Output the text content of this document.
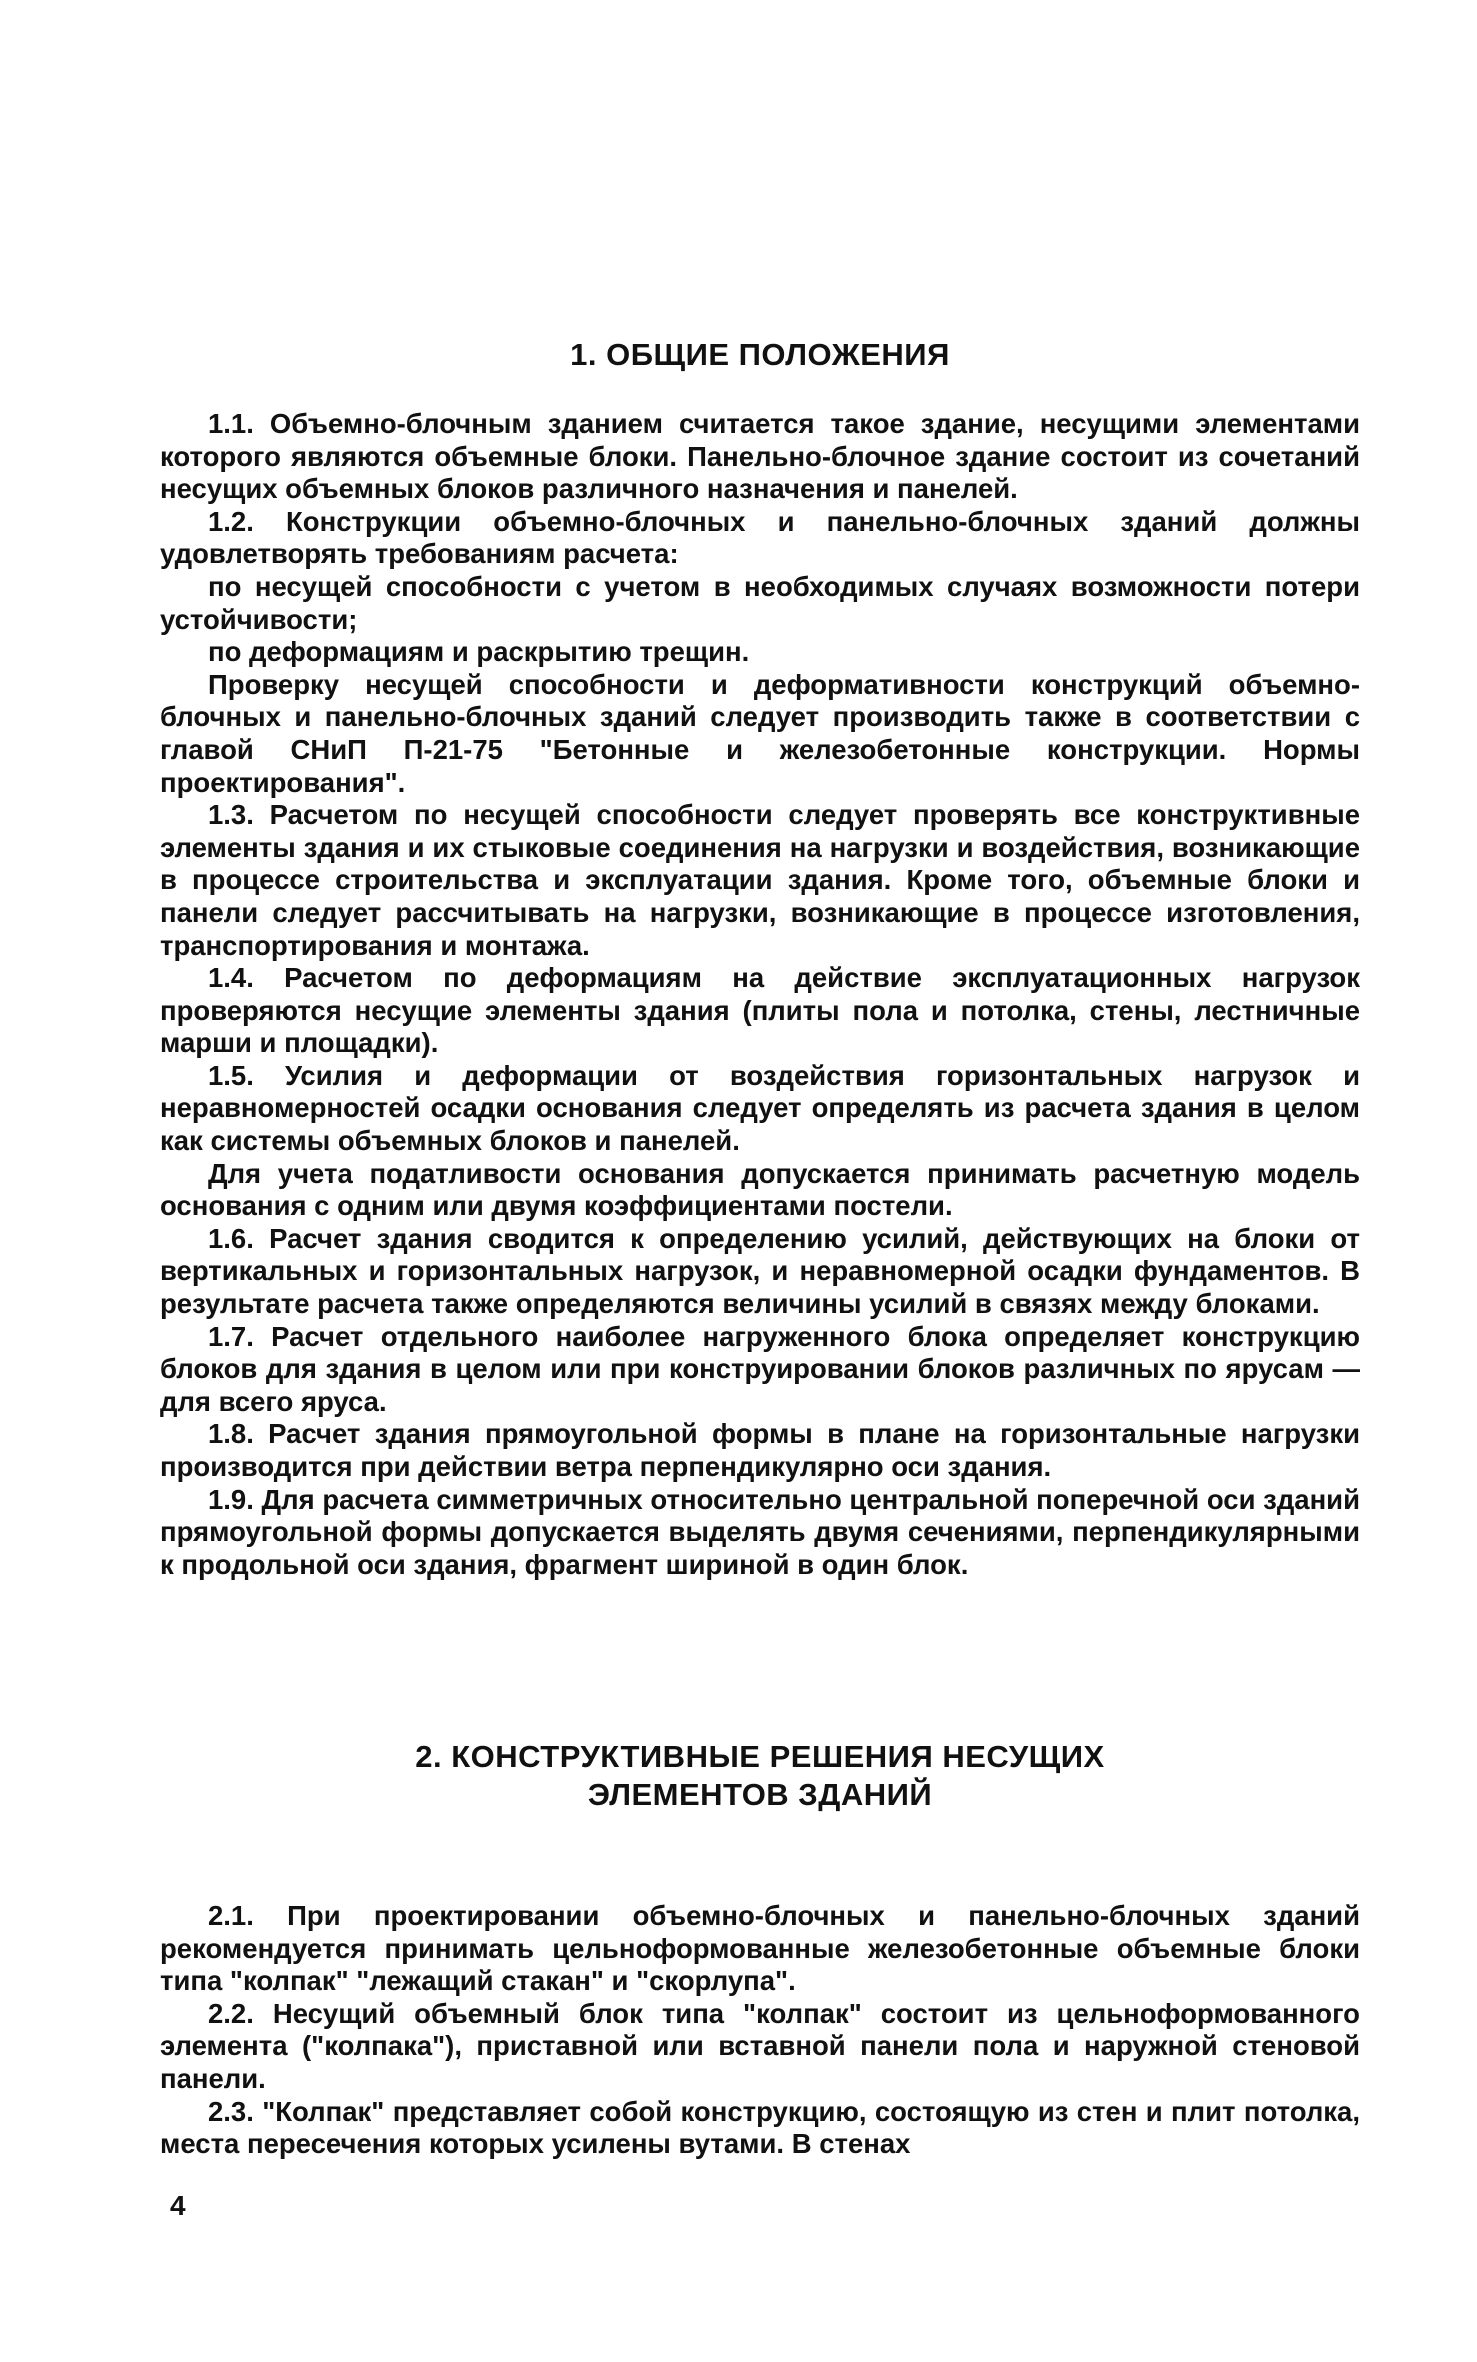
1. ОБЩИЕ ПОЛОЖЕНИЯ

1.1. Объемно-блочным зданием считается такое здание, несущими элементами которого являются объемные блоки. Панельно-блочное здание состоит из сочетаний несущих объемных блоков различного назначения и панелей.

1.2. Конструкции объемно-блочных и панельно-блочных зданий должны удовлетворять требованиям расчета:

по несущей способности с учетом в необходимых случаях возможности потери устойчивости;

по деформациям и раскрытию трещин.

Проверку несущей способности и деформативности конструкций объемно-блочных и панельно-блочных зданий следует производить также в соответствии с главой СНиП П-21-75 "Бетонные и железобетонные конструкции. Нормы проектирования".

1.3. Расчетом по несущей способности следует проверять все конструктивные элементы здания и их стыковые соединения на нагрузки и воздействия, возникающие в процессе строительства и эксплуатации здания. Кроме того, объемные блоки и панели следует рассчитывать на нагрузки, возникающие в процессе изготовления, транспортирования и монтажа.

1.4. Расчетом по деформациям на действие эксплуатационных нагрузок проверяются несущие элементы здания (плиты пола и потолка, стены, лестничные марши и площадки).

1.5. Усилия и деформации от воздействия горизонтальных нагрузок и неравномерностей осадки основания следует определять из расчета здания в целом как системы объемных блоков и панелей.

Для учета податливости основания допускается принимать расчетную модель основания с одним или двумя коэффициентами постели.

1.6. Расчет здания сводится к определению усилий, действующих на блоки от вертикальных и горизонтальных нагрузок, и неравномерной осадки фундаментов. В результате расчета также определяются величины усилий в связях между блоками.

1.7. Расчет отдельного наиболее нагруженного блока определяет конструкцию блоков для здания в целом или при конструировании блоков различных по ярусам — для всего яруса.

1.8. Расчет здания прямоугольной формы в плане на горизонтальные нагрузки производится при действии ветра перпендикулярно оси здания.

1.9. Для расчета симметричных относительно центральной поперечной оси зданий прямоугольной формы допускается выделять двумя сечениями, перпендикулярными к продольной оси здания, фрагмент шириной в один блок.

2. КОНСТРУКТИВНЫЕ РЕШЕНИЯ НЕСУЩИХ
ЭЛЕМЕНТОВ ЗДАНИЙ

2.1. При проектировании объемно-блочных и панельно-блочных зданий рекомендуется принимать цельноформованные железобетонные объемные блоки типа "колпак" "лежащий стакан" и "скорлупа".

2.2. Несущий объемный блок типа "колпак" состоит из цельноформованного элемента ("колпака"), приставной или вставной панели пола и наружной стеновой панели.

2.3. "Колпак" представляет собой конструкцию, состоящую из стен и плит потолка, места пересечения которых усилены вутами. В стенах

4
